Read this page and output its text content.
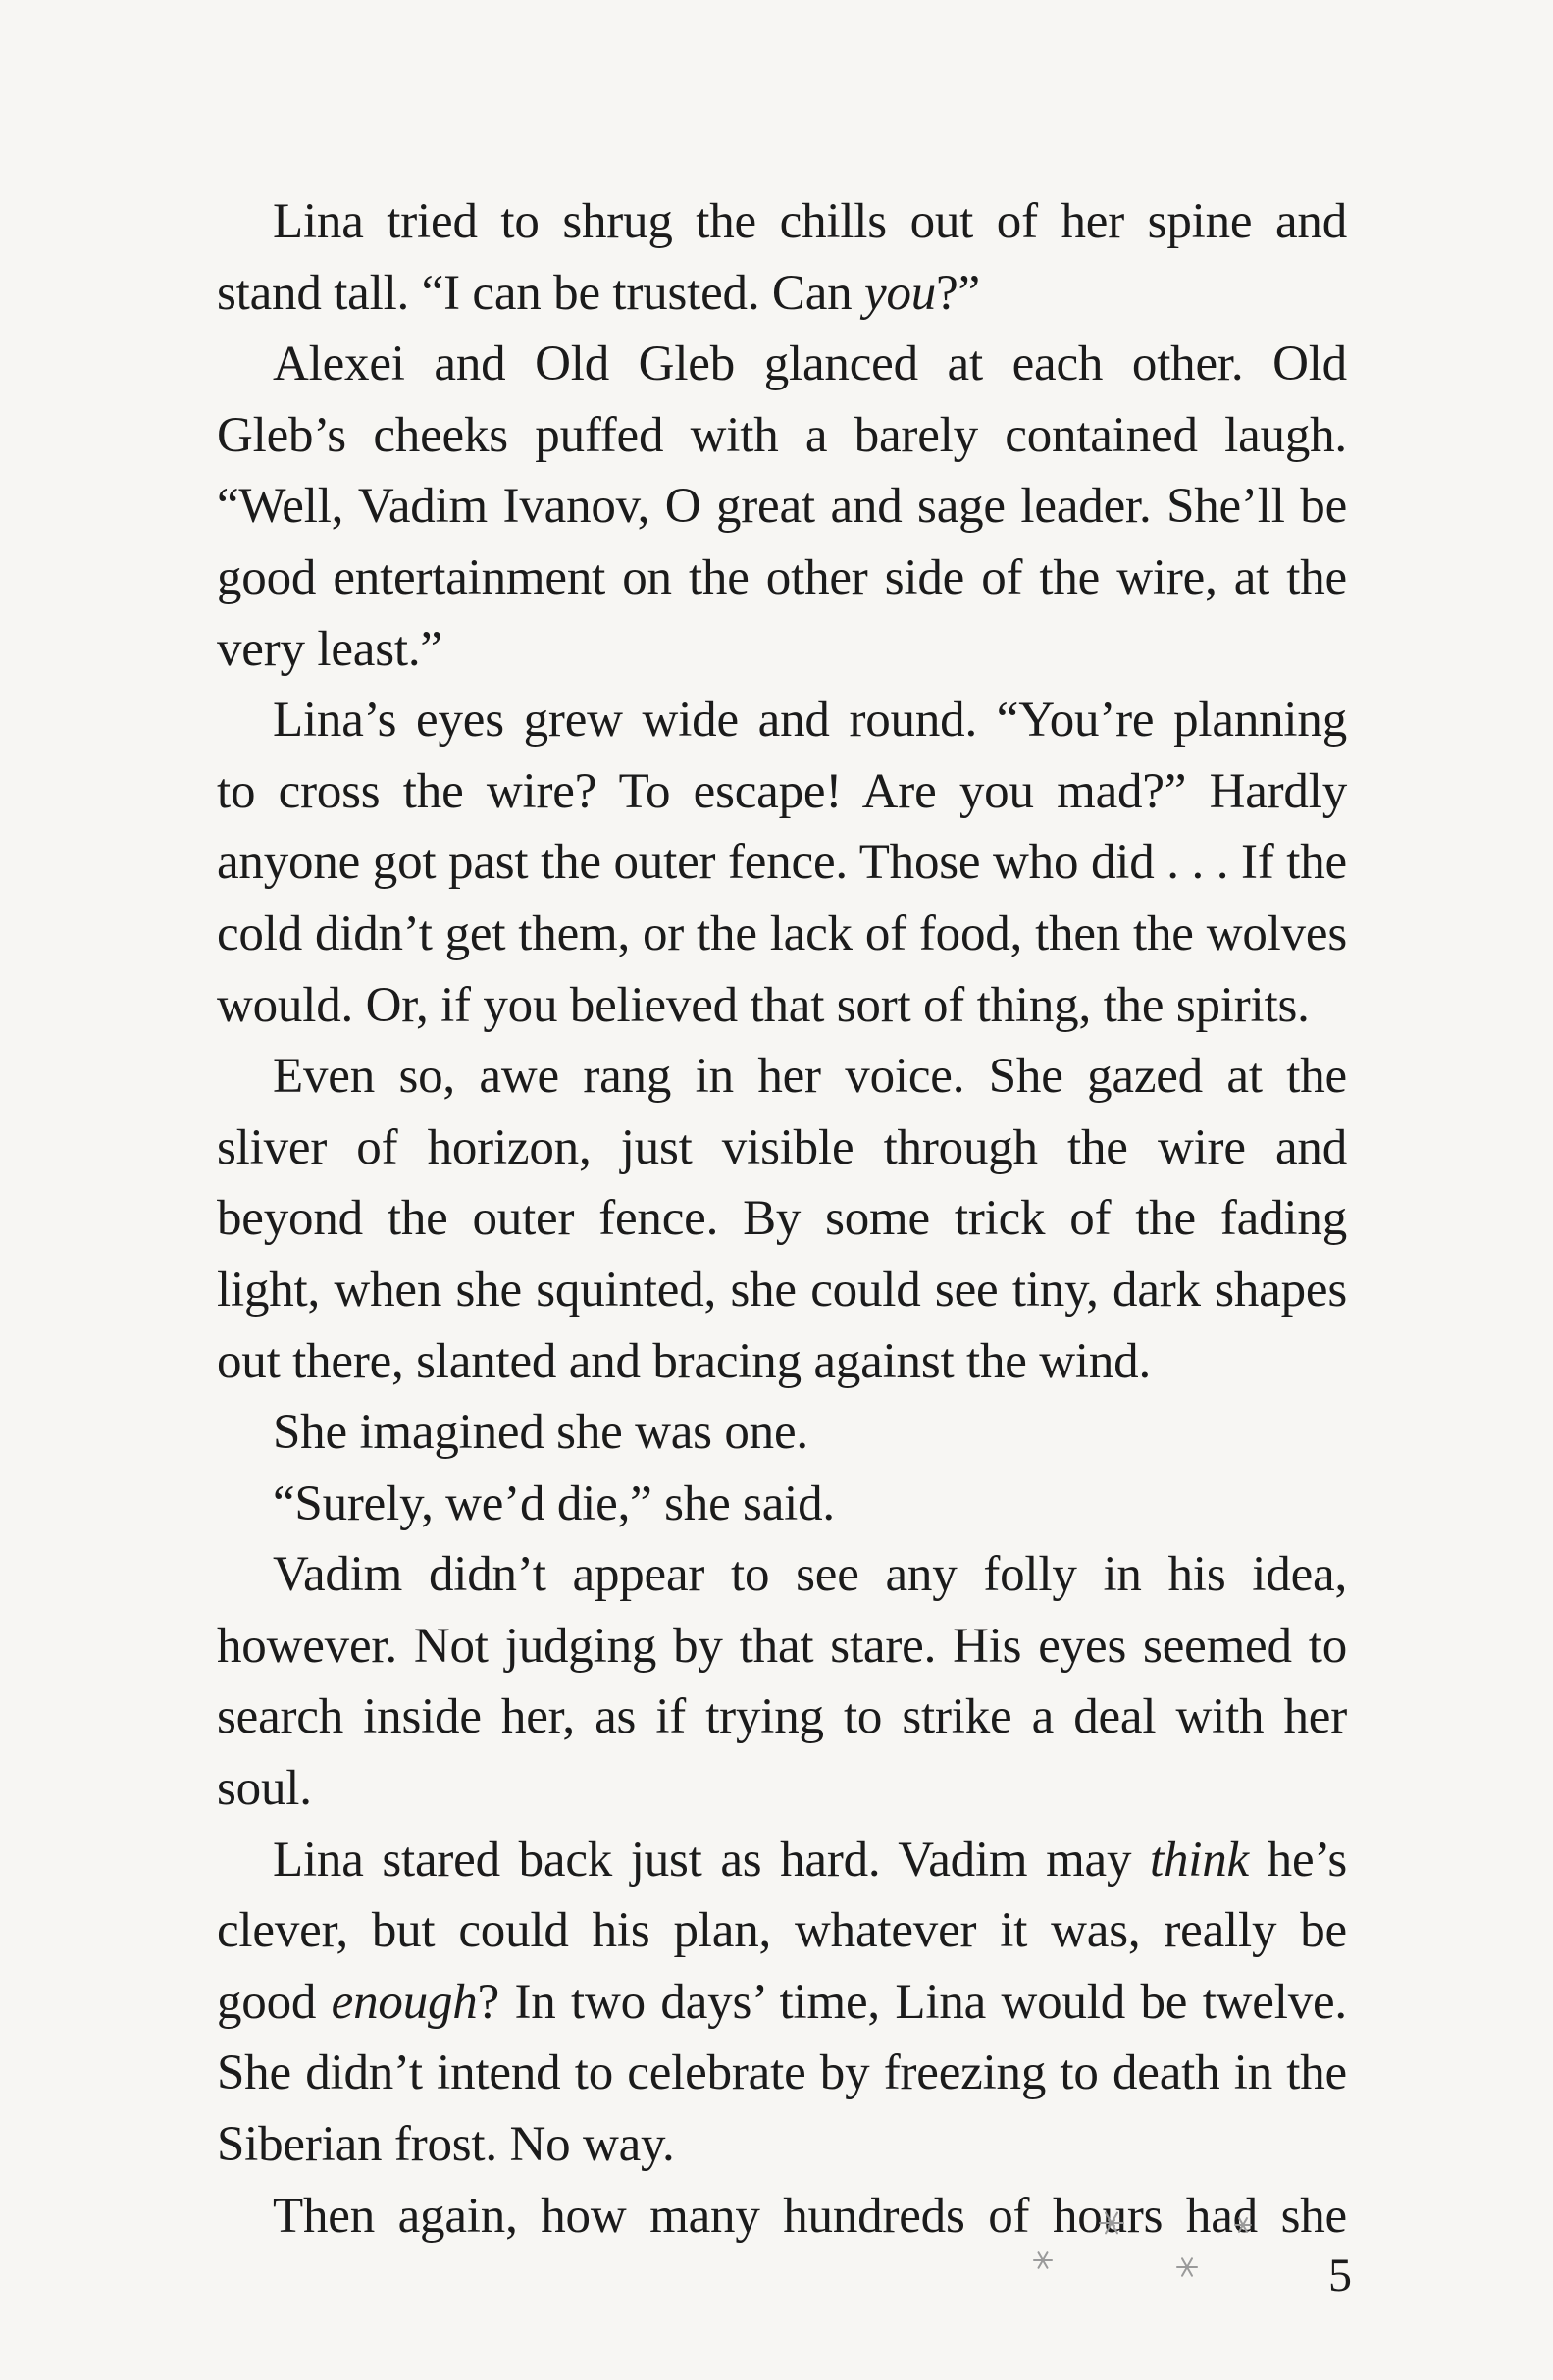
Lina tried to shrug the chills out of her spine and stand tall. “I can be trusted. Can you?”

Alexei and Old Gleb glanced at each other. Old Gleb’s cheeks puffed with a barely contained laugh. “Well, Vadim Ivanov, O great and sage leader. She’ll be good entertainment on the other side of the wire, at the very least.”

Lina’s eyes grew wide and round. “You’re planning to cross the wire? To escape! Are you mad?” Hardly anyone got past the outer fence. Those who did . . . If the cold didn’t get them, or the lack of food, then the wolves would. Or, if you believed that sort of thing, the spirits.

Even so, awe rang in her voice. She gazed at the sliver of horizon, just visible through the wire and beyond the outer fence. By some trick of the fading light, when she squinted, she could see tiny, dark shapes out there, slanted and bracing against the wind.

She imagined she was one.

“Surely, we’d die,” she said.

Vadim didn’t appear to see any folly in his idea, however. Not judging by that stare. His eyes seemed to search inside her, as if trying to strike a deal with her soul.

Lina stared back just as hard. Vadim may think he’s clever, but could his plan, whatever it was, really be good enough? In two days’ time, Lina would be twelve. She didn’t intend to celebrate by freezing to death in the Siberian frost. No way.

Then again, how many hundreds of hours had she

5
